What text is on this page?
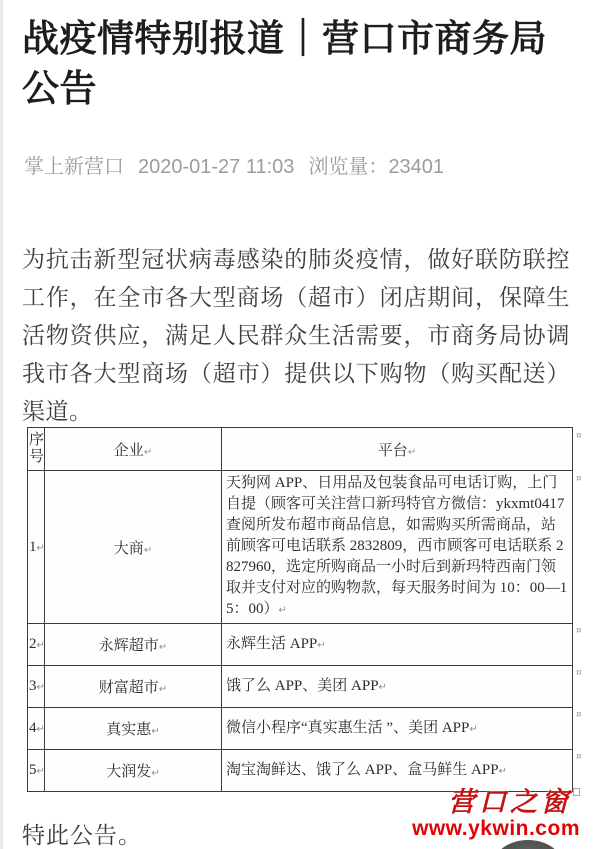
战疫情特别报道｜营口市商务局公告
掌上新营口 2020-01-27 11:03 浏览量：23401

为抗击新型冠状病毒感染的肺炎疫情，做好联防联控工作，在全市各大型商场（超市）闭店期间，保障生活物资供应，满足人民群众生活需要，市商务局协调我市各大型商场（超市）提供以下购物（购买配送）渠道。

序号	企业↵	平台↵
1↵	大商↵	天狗网 APP、日用品及包装食品可电话订购，上门自提（顾客可关注营口新玛特官方微信：ykxmt0417 查阅所发布超市商品信息，如需购买所需商品，站前顾客可电话联系 2832809，西市顾客可电话联系 2827960，选定所购商品一小时后到新玛特西南门领取并支付对应的购物款，每天服务时间为 10：00—15：00）↵
2↵	永辉超市↵	永辉生活 APP↵
3↵	财富超市↵	饿了么 APP、美团 APP↵
4↵	真实惠↵	微信小程序“真实惠生活 ”、美团 APP↵
5↵	大润发↵	淘宝淘鲜达、饿了么 APP、盒马鲜生 APP↵
¤
¤
¤
¤
¤
¤

特此公告。

营口之窗
www.ykwin.com
